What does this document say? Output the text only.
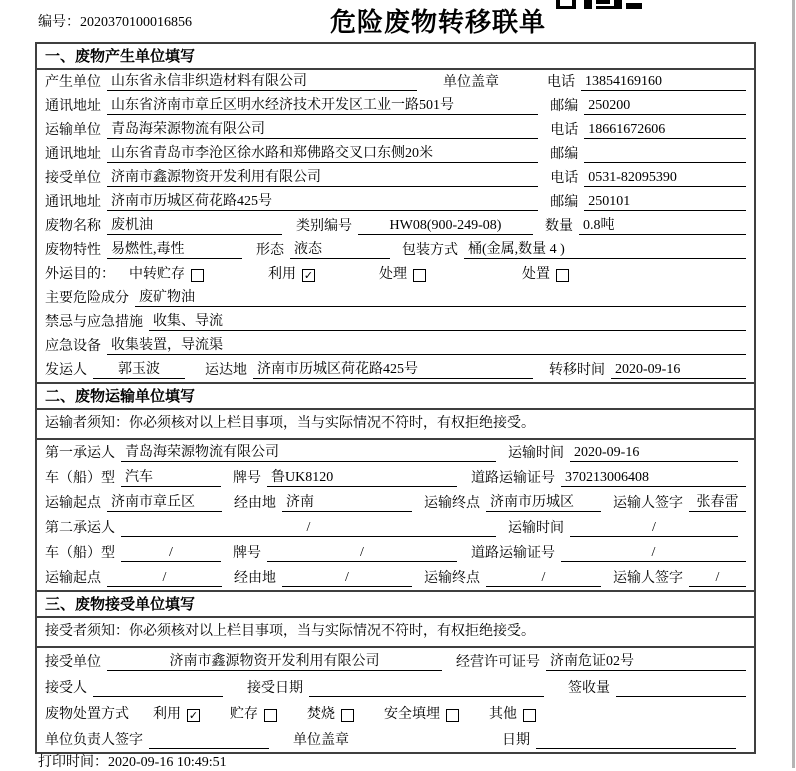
编号：2020370100016856	危险废物转移联单
一、废物产生单位填写
产生单位 山东省永信非织造材料有限公司	单位盖章	电话 13854169160
通讯地址 山东省济南市章丘区明水经济技术开发区工业一路501号	邮编 250200
运输单位 青岛海荣源物流有限公司	电话 18661672606
通讯地址 山东省青岛市李沧区徐水路和郑佛路交叉口东侧20米	邮编
接受单位 济南市鑫源物资开发利用有限公司	电话 0531-82095390
通讯地址 济南市历城区荷花路425号	邮编 250101
废物名称 废机油	类别编号	HW08(900-249-08)	数量 0.8吨
废物特性 易燃性,毒性	形态 液态	包装方式 桶(金属,数量 4 )
外运目的： 中转贮存	利用 ✓	处理	处置
主要危险成分 废矿物油
禁忌与应急措施 收集、导流
应急设备 收集装置，导流渠
发运人	郭玉波	运达地 济南市历城区荷花路425号	转移时间 2020-09-16
二、废物运输单位填写
运输者须知：你必须核对以上栏目事项，当与实际情况不符时，有权拒绝接受。
第一承运人 青岛海荣源物流有限公司	运输时间 2020-09-16
车（船）型 汽车	牌号 鲁UK8120	道路运输证号 370213006408
运输起点 济南市章丘区	经由地 济南	运输终点 济南市历城区	运输人签字 张春雷
第二承运人	/	运输时间	/
车（船）型	/	牌号	/	道路运输证号	/
运输起点	/	经由地	/	运输终点	/	运输人签字	/
三、废物接受单位填写
接受者须知：你必须核对以上栏目事项，当与实际情况不符时，有权拒绝接受。
接受单位	济南市鑫源物资开发利用有限公司	经营许可证号 济南危证02号
接受人	接受日期	签收量
废物处置方式 利用 ✓ 贮存	焚烧	安全填埋	其他
单位负责人签字	单位盖章	日期
打印时间：2020-09-16 10:49:51
